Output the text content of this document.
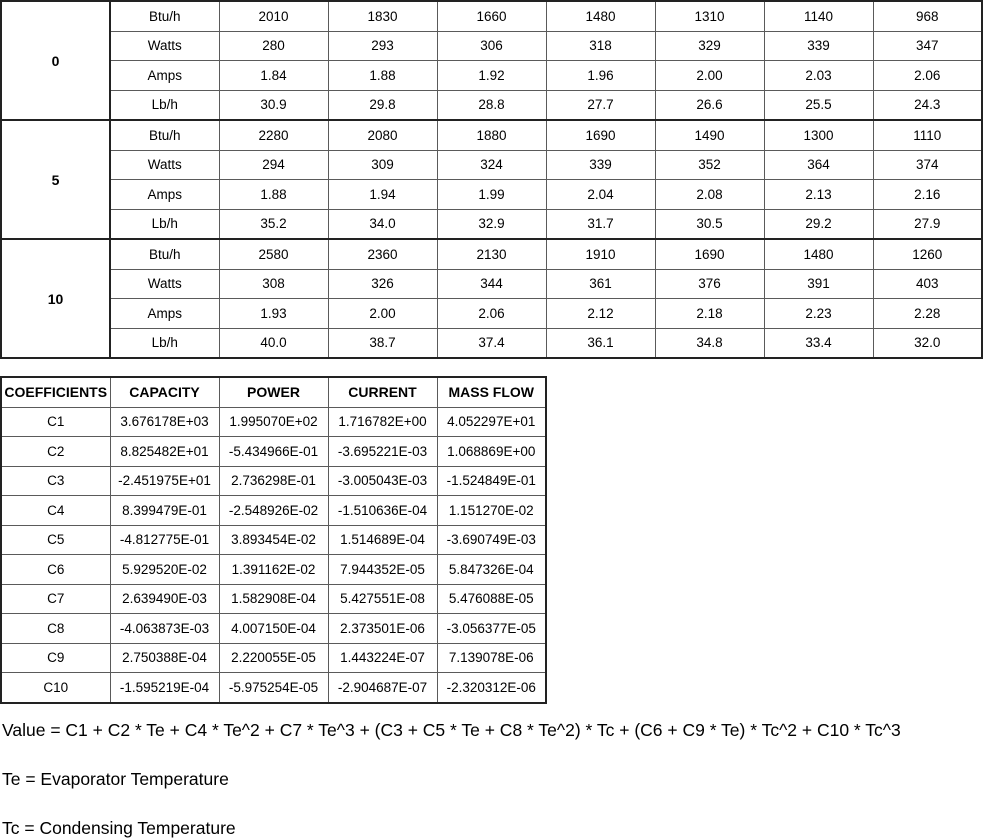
0	Btu/h	2010	1830	1660	1480	1310	1140	968
	Watts	280	293	306	318	329	339	347
	Amps	1.84	1.88	1.92	1.96	2.00	2.03	2.06
	Lb/h	30.9	29.8	28.8	27.7	26.6	25.5	24.3
5	Btu/h	2280	2080	1880	1690	1490	1300	1110
	Watts	294	309	324	339	352	364	374
	Amps	1.88	1.94	1.99	2.04	2.08	2.13	2.16
	Lb/h	35.2	34.0	32.9	31.7	30.5	29.2	27.9
10	Btu/h	2580	2360	2130	1910	1690	1480	1260
	Watts	308	326	344	361	376	391	403
	Amps	1.93	2.00	2.06	2.12	2.18	2.23	2.28
	Lb/h	40.0	38.7	37.4	36.1	34.8	33.4	32.0
COEFFICIENTS	CAPACITY	POWER	CURRENT	MASS FLOW
C1	3.676178E+03	1.995070E+02	1.716782E+00	4.052297E+01
C2	8.825482E+01	-5.434966E-01	-3.695221E-03	1.068869E+00
C3	-2.451975E+01	2.736298E-01	-3.005043E-03	-1.524849E-01
C4	8.399479E-01	-2.548926E-02	-1.510636E-04	1.151270E-02
C5	-4.812775E-01	3.893454E-02	1.514689E-04	-3.690749E-03
C6	5.929520E-02	1.391162E-02	7.944352E-05	5.847326E-04
C7	2.639490E-03	1.582908E-04	5.427551E-08	5.476088E-05
C8	-4.063873E-03	4.007150E-04	2.373501E-06	-3.056377E-05
C9	2.750388E-04	2.220055E-05	1.443224E-07	7.139078E-06
C10	-1.595219E-04	-5.975254E-05	-2.904687E-07	-2.320312E-06
Value = C1 + C2 * Te + C4 * Te^2 + C7 * Te^3 + (C3 + C5 * Te + C8 * Te^2) * Tc + (C6 + C9 * Te) * Tc^2 + C10 * Tc^3
Te = Evaporator Temperature
Tc = Condensing Temperature
